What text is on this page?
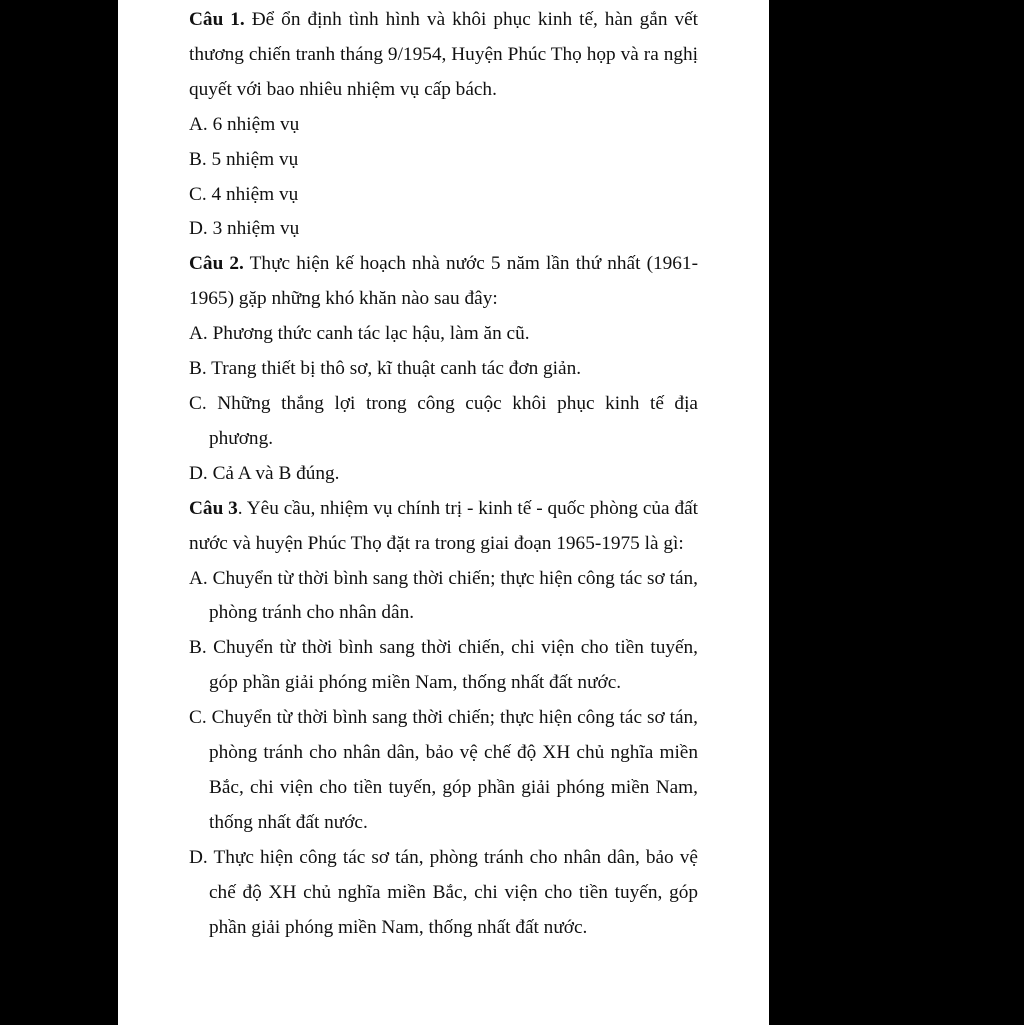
Câu 1. Để ổn định tình hình và khôi phục kinh tế, hàn gắn vết thương chiến tranh tháng 9/1954, Huyện Phúc Thọ họp và ra nghị quyết với bao nhiêu nhiệm vụ cấp bách.

A. 6 nhiệm vụ

B. 5 nhiệm vụ

C. 4 nhiệm vụ

D. 3 nhiệm vụ

Câu 2. Thực hiện kế hoạch nhà nước 5 năm lần thứ nhất (1961-1965) gặp những khó khăn nào sau đây:

A. Phương thức canh tác lạc hậu, làm ăn cũ.

B. Trang thiết bị thô sơ, kĩ thuật canh tác đơn giản.

C. Những thắng lợi trong công cuộc khôi phục kinh tế địa phương.

D. Cả A và B đúng.

Câu 3. Yêu cầu, nhiệm vụ chính trị - kinh tế - quốc phòng của đất nước và huyện Phúc Thọ đặt ra trong giai đoạn 1965-1975 là gì:

A. Chuyển từ thời bình sang thời chiến; thực hiện công tác sơ tán, phòng tránh cho nhân dân.

B. Chuyển từ thời bình sang thời chiến, chi viện cho tiền tuyến, góp phần giải phóng miền Nam, thống nhất đất nước.

C. Chuyển từ thời bình sang thời chiến; thực hiện công tác sơ tán, phòng tránh cho nhân dân, bảo vệ chế độ XH chủ nghĩa miền Bắc, chi viện cho tiền tuyến, góp phần giải phóng miền Nam, thống nhất đất nước.

D. Thực hiện công tác sơ tán, phòng tránh cho nhân dân, bảo vệ chế độ XH chủ nghĩa miền Bắc, chi viện cho tiền tuyến, góp phần giải phóng miền Nam, thống nhất đất nước.
